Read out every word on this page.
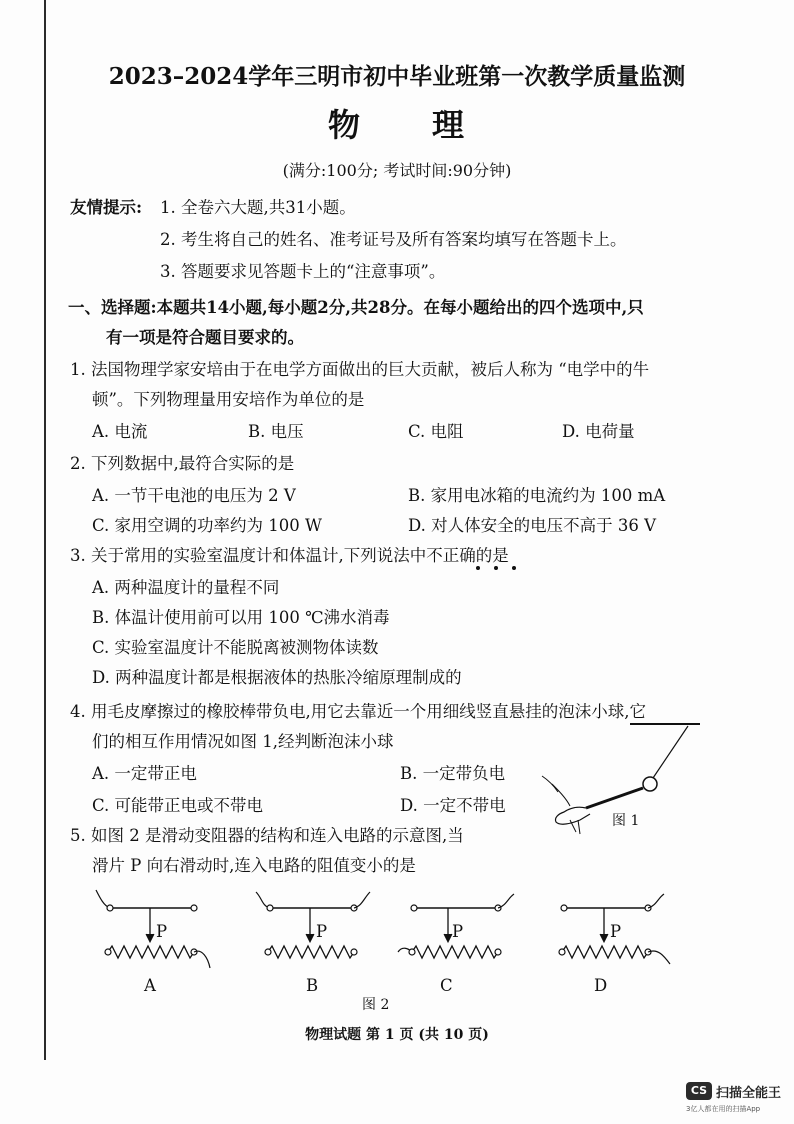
2023–2024学年三明市初中毕业班第一次教学质量监测
物 理
(满分:100分; 考试时间:90分钟)
友情提示: 1. 全卷六大题,共31小题。
2. 考生将自己的姓名、准考证号及所有答案均填写在答题卡上。
3. 答题要求见答题卡上的“注意事项”。
一、选择题:本题共14小题,每小题2分,共28分。在每小题给出的四个选项中,只
有一项是符合题目要求的。
1. 法国物理学家安培由于在电学方面做出的巨大贡献，被后人称为 “电学中的牛
顿”。下列物理量用安培作为单位的是
A. 电流	B. 电压	C. 电阻	D. 电荷量
2. 下列数据中,最符合实际的是
A. 一节干电池的电压为 2 V	B. 家用电冰箱的电流约为 100 mA
C. 家用空调的功率约为 100 W	D. 对人体安全的电压不高于 36 V
3. 关于常用的实验室温度计和体温计,下列说法中不正确的是
A. 两种温度计的量程不同
B. 体温计使用前可以用 100 ℃沸水消毒
C. 实验室温度计不能脱离被测物体读数
D. 两种温度计都是根据液体的热胀冷缩原理制成的
4. 用毛皮摩擦过的橡胶棒带负电,用它去靠近一个用细线竖直悬挂的泡沫小球,它
们的相互作用情况如图 1,经判断泡沫小球
A. 一定带正电	B. 一定带负电
C. 可能带正电或不带电	D. 一定不带电
图 1
5. 如图 2 是滑动变阻器的结构和连入电路的示意图,当
滑片 P 向右滑动时,连入电路的阻值变小的是
P
A
P
B
P
C
P
D
图 2
物理试题 第 1 页 (共 10 页)
CS 扫描全能王
3亿人都在用的扫描App
